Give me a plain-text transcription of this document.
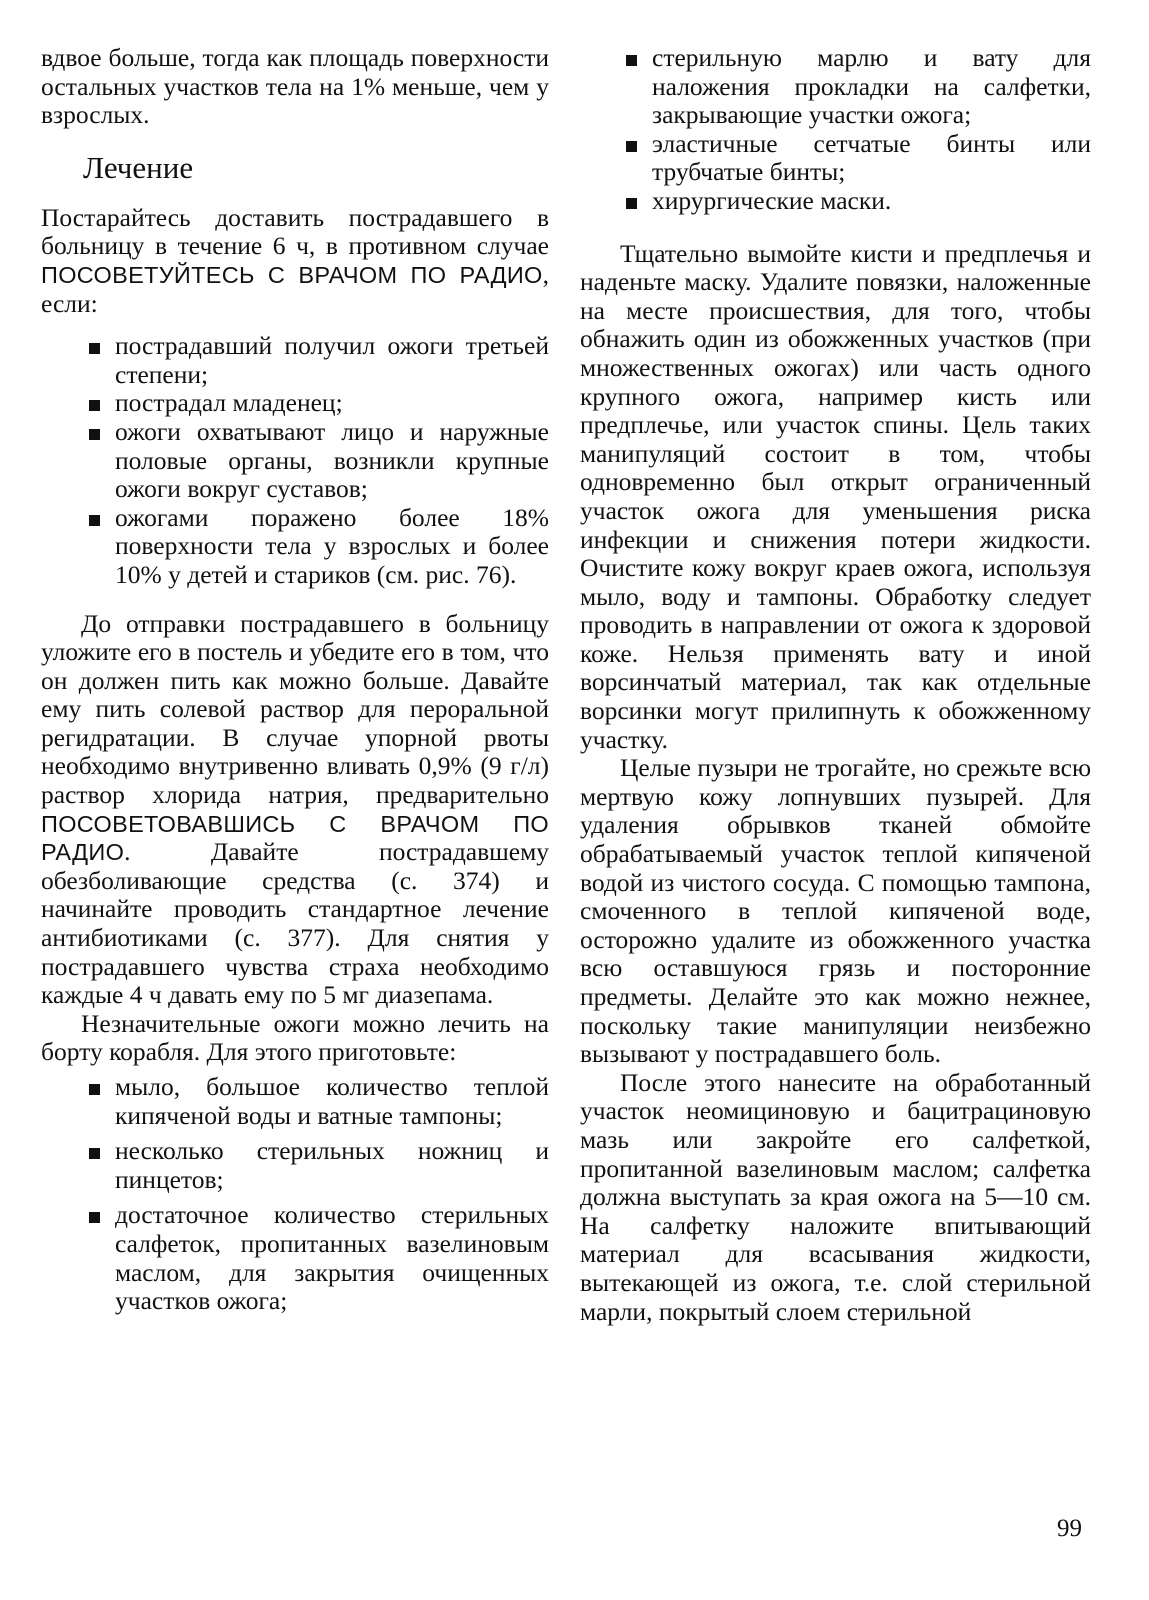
вдвое больше, тогда как площадь поверхности остальных участков тела на 1% меньше, чем у взрослых.

Лечение

Постарайтесь доставить пострадавшего в больницу в течение 6 ч, в противном случае ПОСОВЕТУЙТЕСЬ С ВРАЧОМ ПО РАДИО, если:

пострадавший получил ожоги третьей степени;
пострадал младенец;
ожоги охватывают лицо и наружные половые органы, возникли крупные ожоги вокруг суставов;
ожогами поражено более 18% поверхности тела у взрослых и более 10% у детей и стариков (см. рис. 76).

До отправки пострадавшего в больницу уложите его в постель и убедите его в том, что он должен пить как можно больше. Давайте ему пить солевой раствор для пероральной регидратации. В случае упорной рвоты необходимо внутривенно вливать 0,9% (9 г/л) раствор хлорида натрия, предварительно ПОСОВЕТОВАВШИСЬ С ВРАЧОМ ПО РАДИО. Давайте пострадавшему обезболивающие средства (с. 374) и начинайте проводить стандартное лечение антибиотиками (с. 377). Для снятия у пострадавшего чувства страха необходимо каждые 4 ч давать ему по 5 мг диазепама.

Незначительные ожоги можно лечить на борту корабля. Для этого приготовьте:

мыло, большое количество теплой кипяченой воды и ватные тампоны;
несколько стерильных ножниц и пинцетов;
достаточное количество стерильных салфеток, пропитанных вазелиновым маслом, для закрытия очищенных участков ожога;
стерильную марлю и вату для наложения прокладки на салфетки, закрывающие участки ожога;
эластичные сетчатые бинты или трубчатые бинты;
хирургические маски.

Тщательно вымойте кисти и предплечья и наденьте маску. Удалите повязки, наложенные на месте происшествия, для того, чтобы обнажить один из обожженных участков (при множественных ожогах) или часть одного крупного ожога, например кисть или предплечье, или участок спины. Цель таких манипуляций состоит в том, чтобы одновременно был открыт ограниченный участок ожога для уменьшения риска инфекции и снижения потери жидкости. Очистите кожу вокруг краев ожога, используя мыло, воду и тампоны. Обработку следует проводить в направлении от ожога к здоровой коже. Нельзя применять вату и иной ворсинчатый материал, так как отдельные ворсинки могут прилипнуть к обожженному участку.

Целые пузыри не трогайте, но срежьте всю мертвую кожу лопнувших пузырей. Для удаления обрывков тканей обмойте обрабатываемый участок теплой кипяченой водой из чистого сосуда. С помощью тампона, смоченного в теплой кипяченой воде, осторожно удалите из обожженного участка всю оставшуюся грязь и посторонние предметы. Делайте это как можно нежнее, поскольку такие манипуляции неизбежно вызывают у пострадавшего боль.

После этого нанесите на обработанный участок неомициновую и бацитрациновую мазь или закройте его салфеткой, пропитанной вазелиновым маслом; салфетка должна выступать за края ожога на 5—10 см. На салфетку наложите впитывающий материал для всасывания жидкости, вытекающей из ожога, т.е. слой стерильной марли, покрытый слоем стерильной

99
